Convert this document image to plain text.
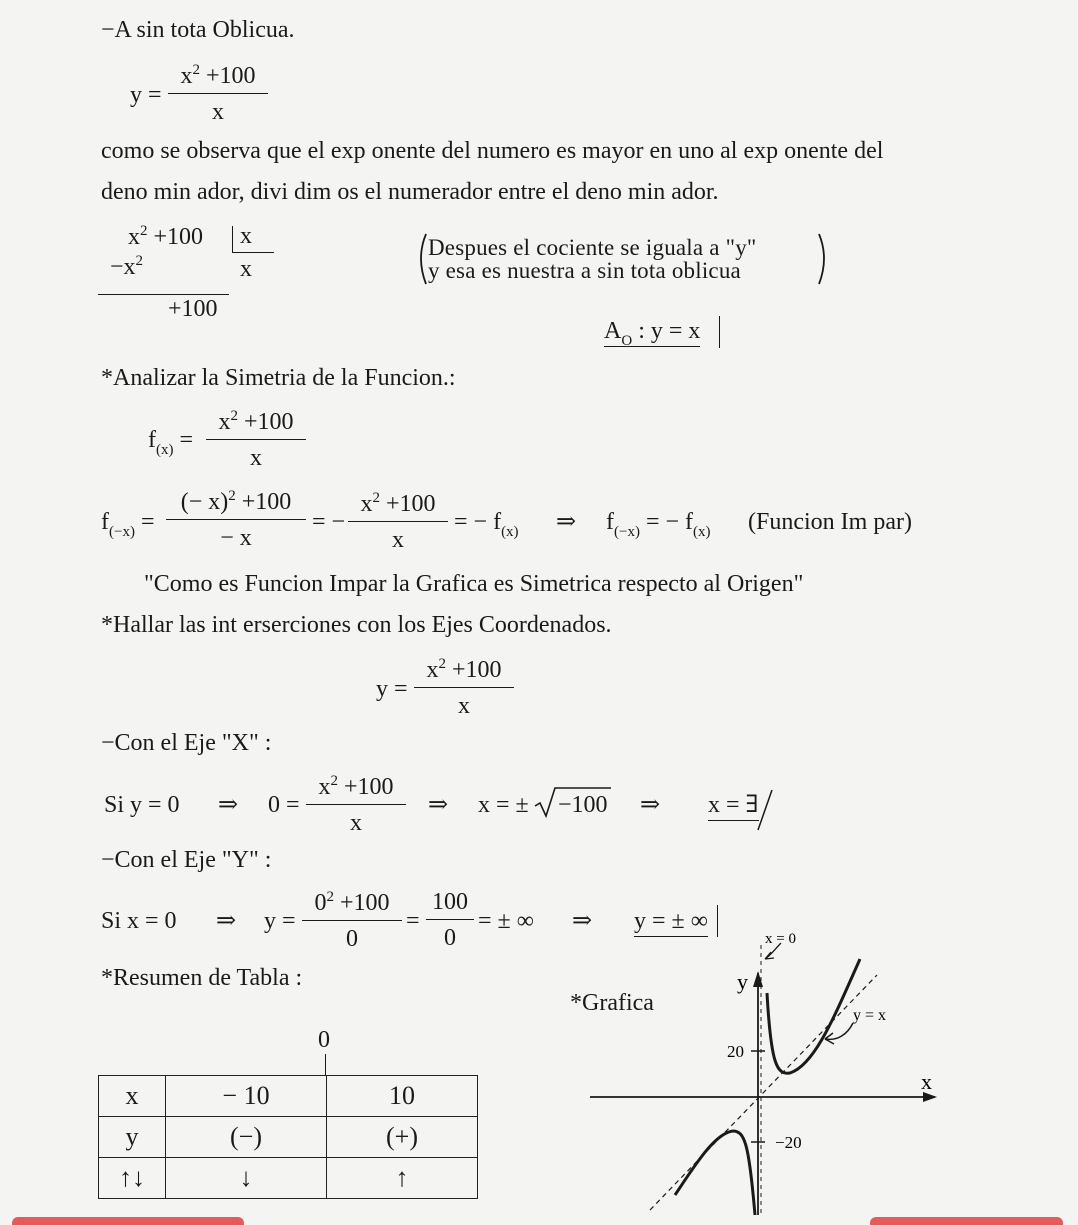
−A sin tota Oblicua.
y =
$x^2 +100$
x
como se observa que el exp onente del numero es mayor en uno al exp onente del
deno min ador, divi dim os el numerador entre el deno min ador.
$x^2 +100$ x
$-x^2$	x
+100
Despues el cociente se iguala a "y"
y esa es nuestra a sin tota oblicua
$A_O$ : y = x
*Analizar la Simetria de la Funcion.:
$f_{(x)}$ =
$x^2 +100$
x
$f_{(-x)}$ =
(− x)$^2$ +100
− x
= −
$x^2 +100$
x
= − $f_{(x)}$ ⇒ $f_{(-x)}$ = − $f_{(x)}$ (Funcion Im par)
"Como es Funcion Impar la Grafica es Simetrica respecto al Origen"
*Hallar las int erserciones con los Ejes Coordenados.
y =
$x^2 +100$
x
−Con el Eje "X" :
Si y = 0 ⇒ 0 =
$x^2 +100$
x
⇒ x = ± −100 ⇒ x = ∃
−Con el Eje "Y" :
Si x = 0 ⇒ y =
$0^2 +100$
0
=
100
0
= ± ∞ ⇒ y = ± ∞
*Resumen de Tabla :
0
x	− 10	10
y	(−)	(+)
↑↓	↓	↑
*Grafica
x = 0
y
x
y = x
20
−20
